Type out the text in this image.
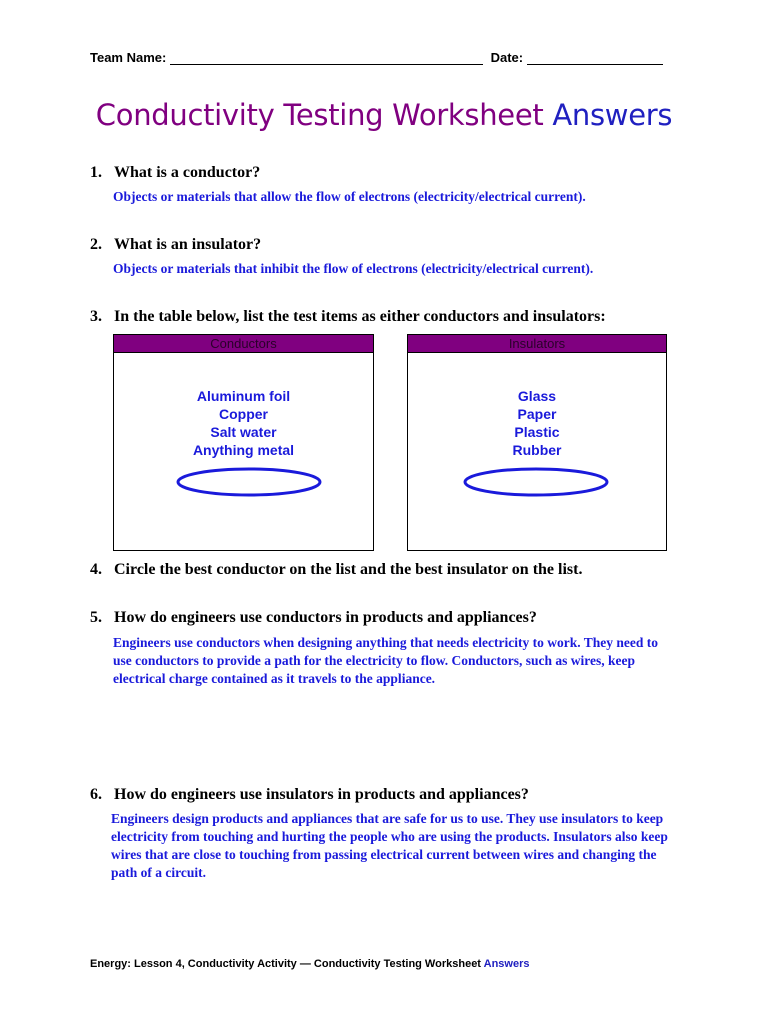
Team Name:	Date:
Conductivity Testing Worksheet Answers
1. What is a conductor?
Objects or materials that allow the flow of electrons (electricity/electrical current).
2. What is an insulator?
Objects or materials that inhibit the flow of electrons (electricity/electrical current).
3. In the table below, list the test items as either conductors and insulators:
Conductors
Aluminum foil
Copper
Salt water
Anything metal
Insulators
Glass
Paper
Plastic
Rubber
4. Circle the best conductor on the list and the best insulator on the list.
5. How do engineers use conductors in products and appliances?
Engineers use conductors when designing anything that needs electricity to work. They need to use conductors to provide a path for the electricity to flow. Conductors, such as wires, keep electrical charge contained as it travels to the appliance.
6. How do engineers use insulators in products and appliances?
Engineers design products and appliances that are safe for us to use. They use insulators to keep electricity from touching and hurting the people who are using the products. Insulators also keep wires that are close to touching from passing electrical current between wires and changing the path of a circuit.
Energy: Lesson 4, Conductivity Activity — Conductivity Testing Worksheet Answers
